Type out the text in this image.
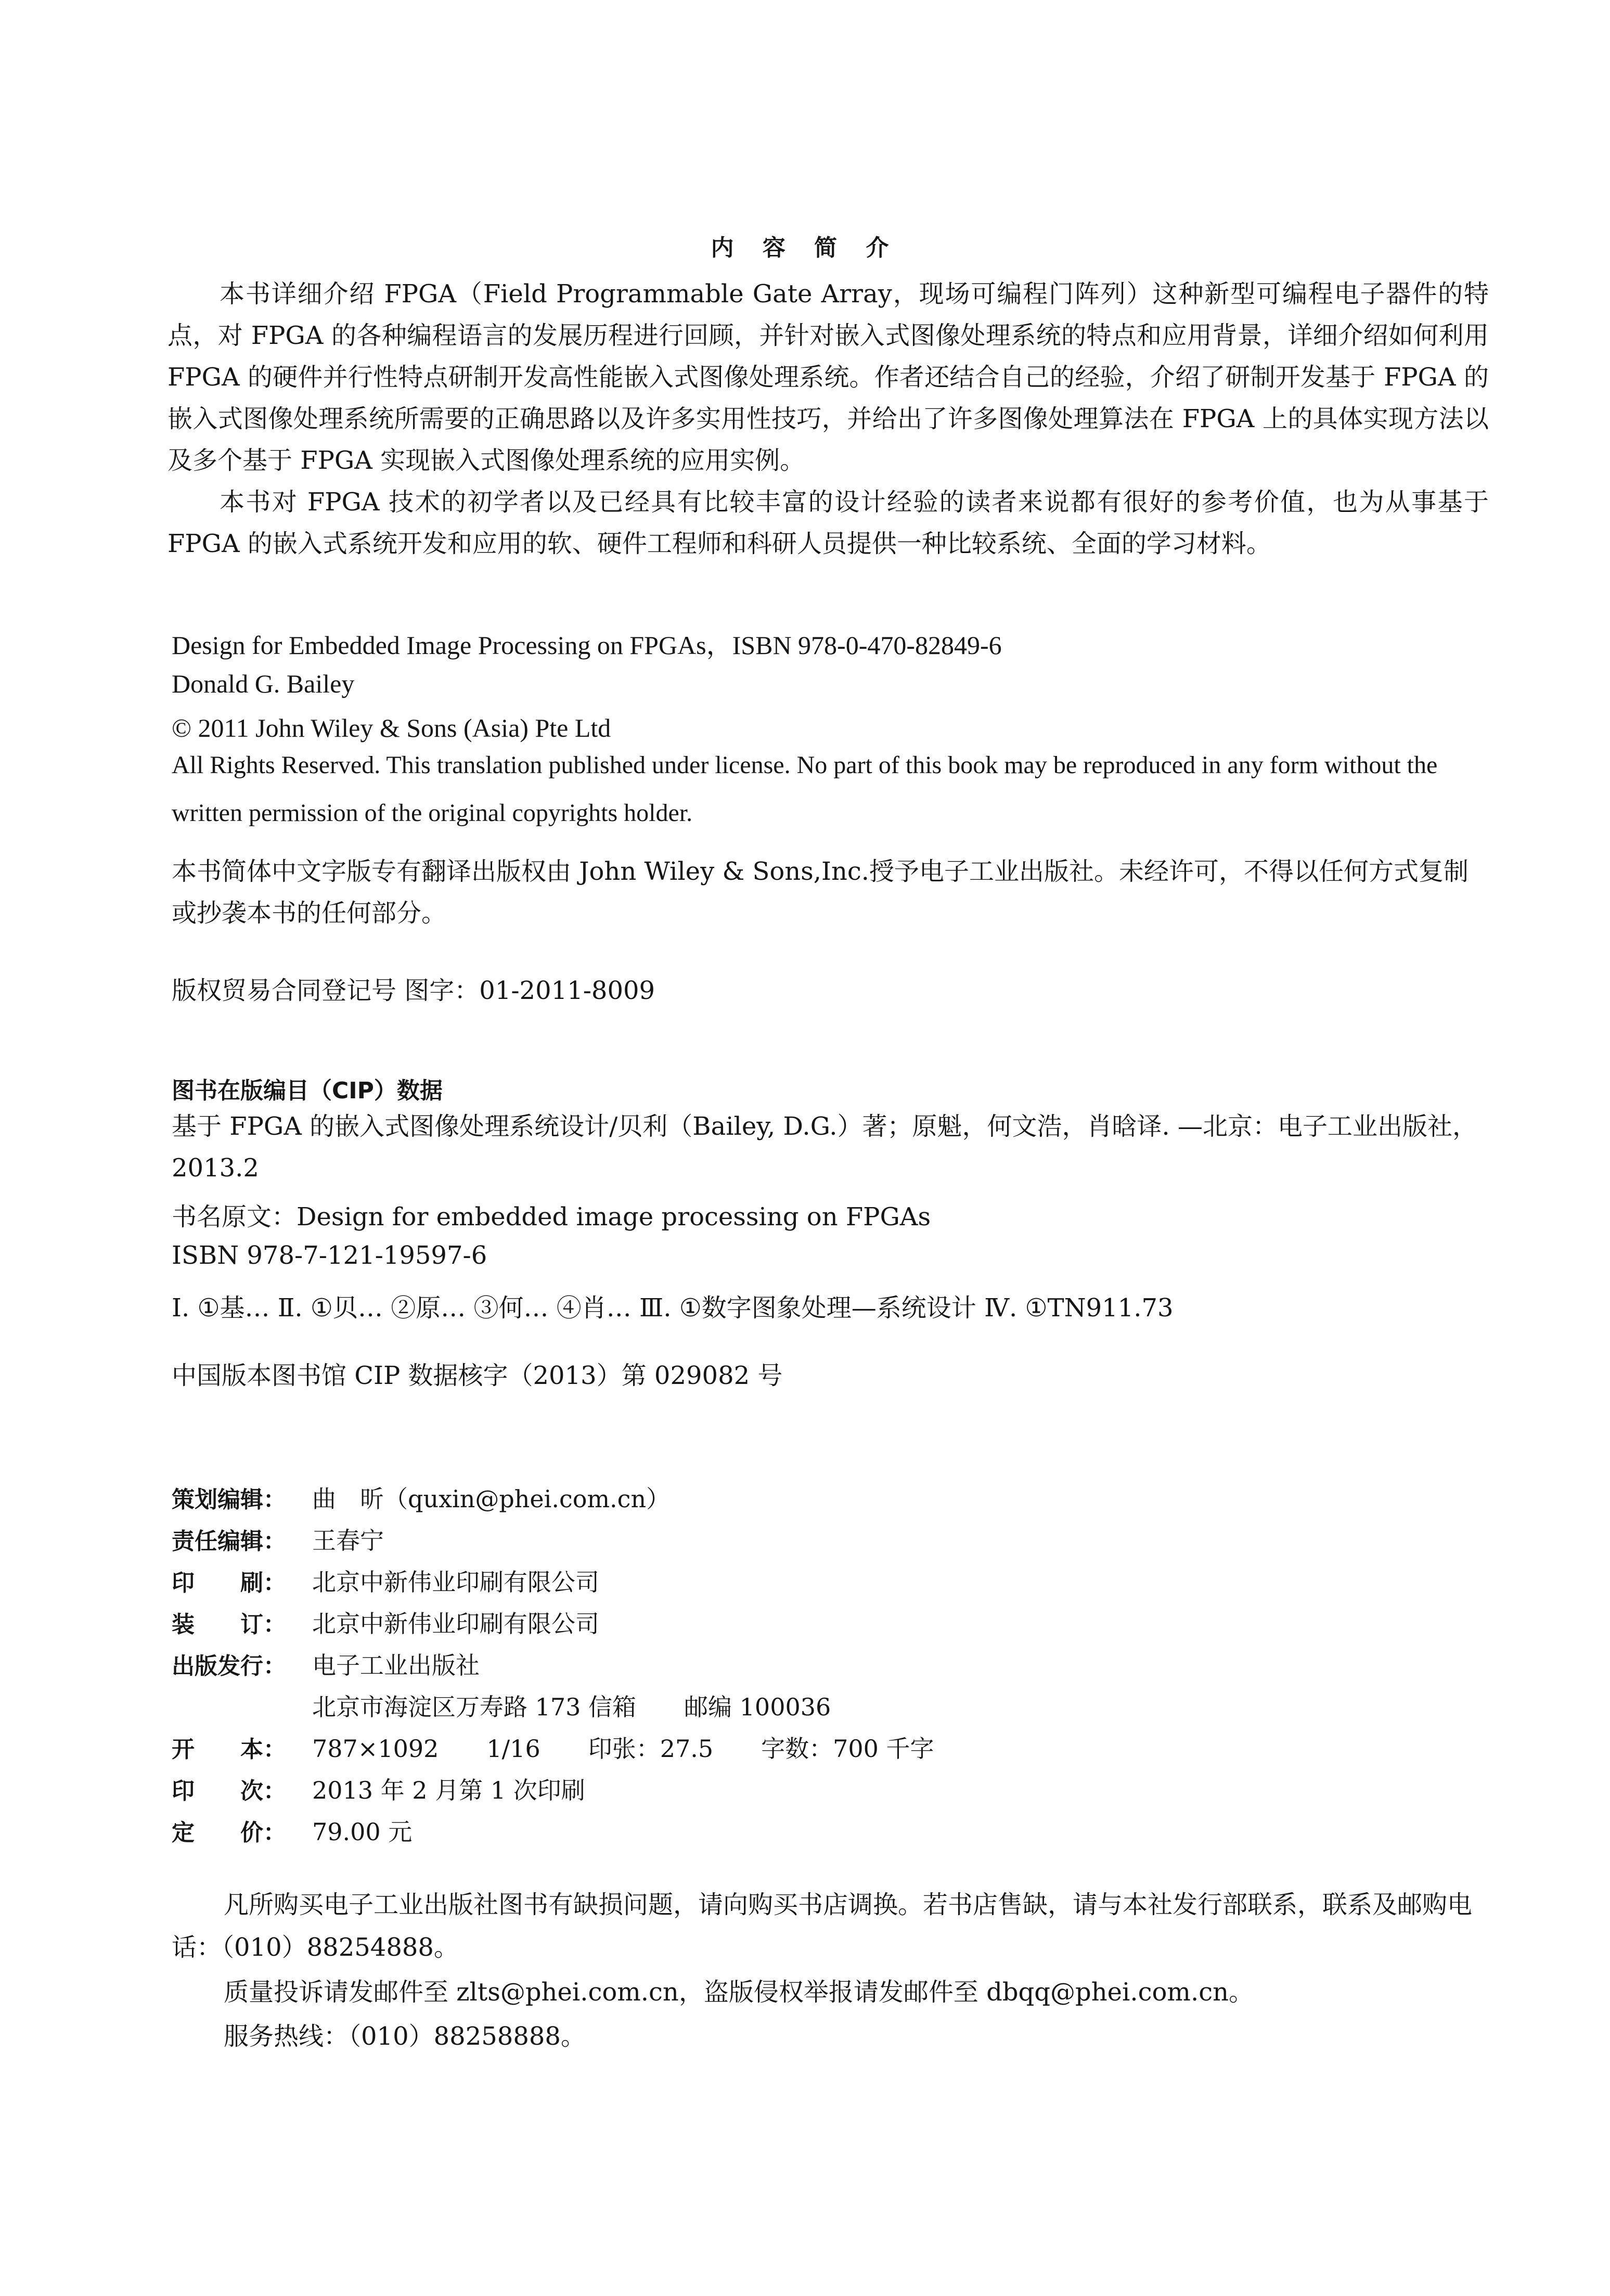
内 容 简 介

本书详细介绍 FPGA（Field Programmable Gate Array，现场可编程门阵列）这种新型可编程电子器件的特点，对 FPGA 的各种编程语言的发展历程进行回顾，并针对嵌入式图像处理系统的特点和应用背景，详细介绍如何利用 FPGA 的硬件并行性特点研制开发高性能嵌入式图像处理系统。作者还结合自己的经验，介绍了研制开发基于 FPGA 的嵌入式图像处理系统所需要的正确思路以及许多实用性技巧，并给出了许多图像处理算法在 FPGA 上的具体实现方法以及多个基于 FPGA 实现嵌入式图像处理系统的应用实例。

本书对 FPGA 技术的初学者以及已经具有比较丰富的设计经验的读者来说都有很好的参考价值，也为从事基于 FPGA 的嵌入式系统开发和应用的软、硬件工程师和科研人员提供一种比较系统、全面的学习材料。

Design for Embedded Image Processing on FPGAs，ISBN 978-0-470-82849-6
Donald G. Bailey
© 2011 John Wiley & Sons (Asia) Pte Ltd

All Rights Reserved. This translation published under license. No part of this book may be reproduced in any form without the written permission of the original copyrights holder.

本书简体中文字版专有翻译出版权由 John Wiley & Sons,Inc.授予电子工业出版社。未经许可，不得以任何方式复制或抄袭本书的任何部分。

版权贸易合同登记号 图字：01-2011-8009
图书在版编目（CIP）数据

基于 FPGA 的嵌入式图像处理系统设计/贝利（Bailey, D.G.）著；原魁，何文浩，肖晗译. —北京：电子工业出版社，2013.2

书名原文：Design for embedded image processing on FPGAs
ISBN 978-7-121-19597-6
Ⅰ. ①基… Ⅱ. ①贝… ②原… ③何… ④肖… Ⅲ. ①数字图象处理—系统设计 Ⅳ. ①TN911.73
中国版本图书馆 CIP 数据核字（2013）第 029082 号
策划编辑： 曲　昕（quxin@phei.com.cn）
责任编辑： 王春宁
印　　刷： 北京中新伟业印刷有限公司
装　　订： 北京中新伟业印刷有限公司
出版发行： 电子工业出版社
北京市海淀区万寿路 173 信箱　　邮编 100036
开　　本： 787×1092　　1/16　　印张：27.5　　字数：700 千字
印　　次： 2013 年 2 月第 1 次印刷
定　　价： 79.00 元

凡所购买电子工业出版社图书有缺损问题，请向购买书店调换。若书店售缺，请与本社发行部联系，联系及邮购电话：（010）88254888。

质量投诉请发邮件至 zlts@phei.com.cn，盗版侵权举报请发邮件至 dbqq@phei.com.cn。
服务热线：（010）88258888。
